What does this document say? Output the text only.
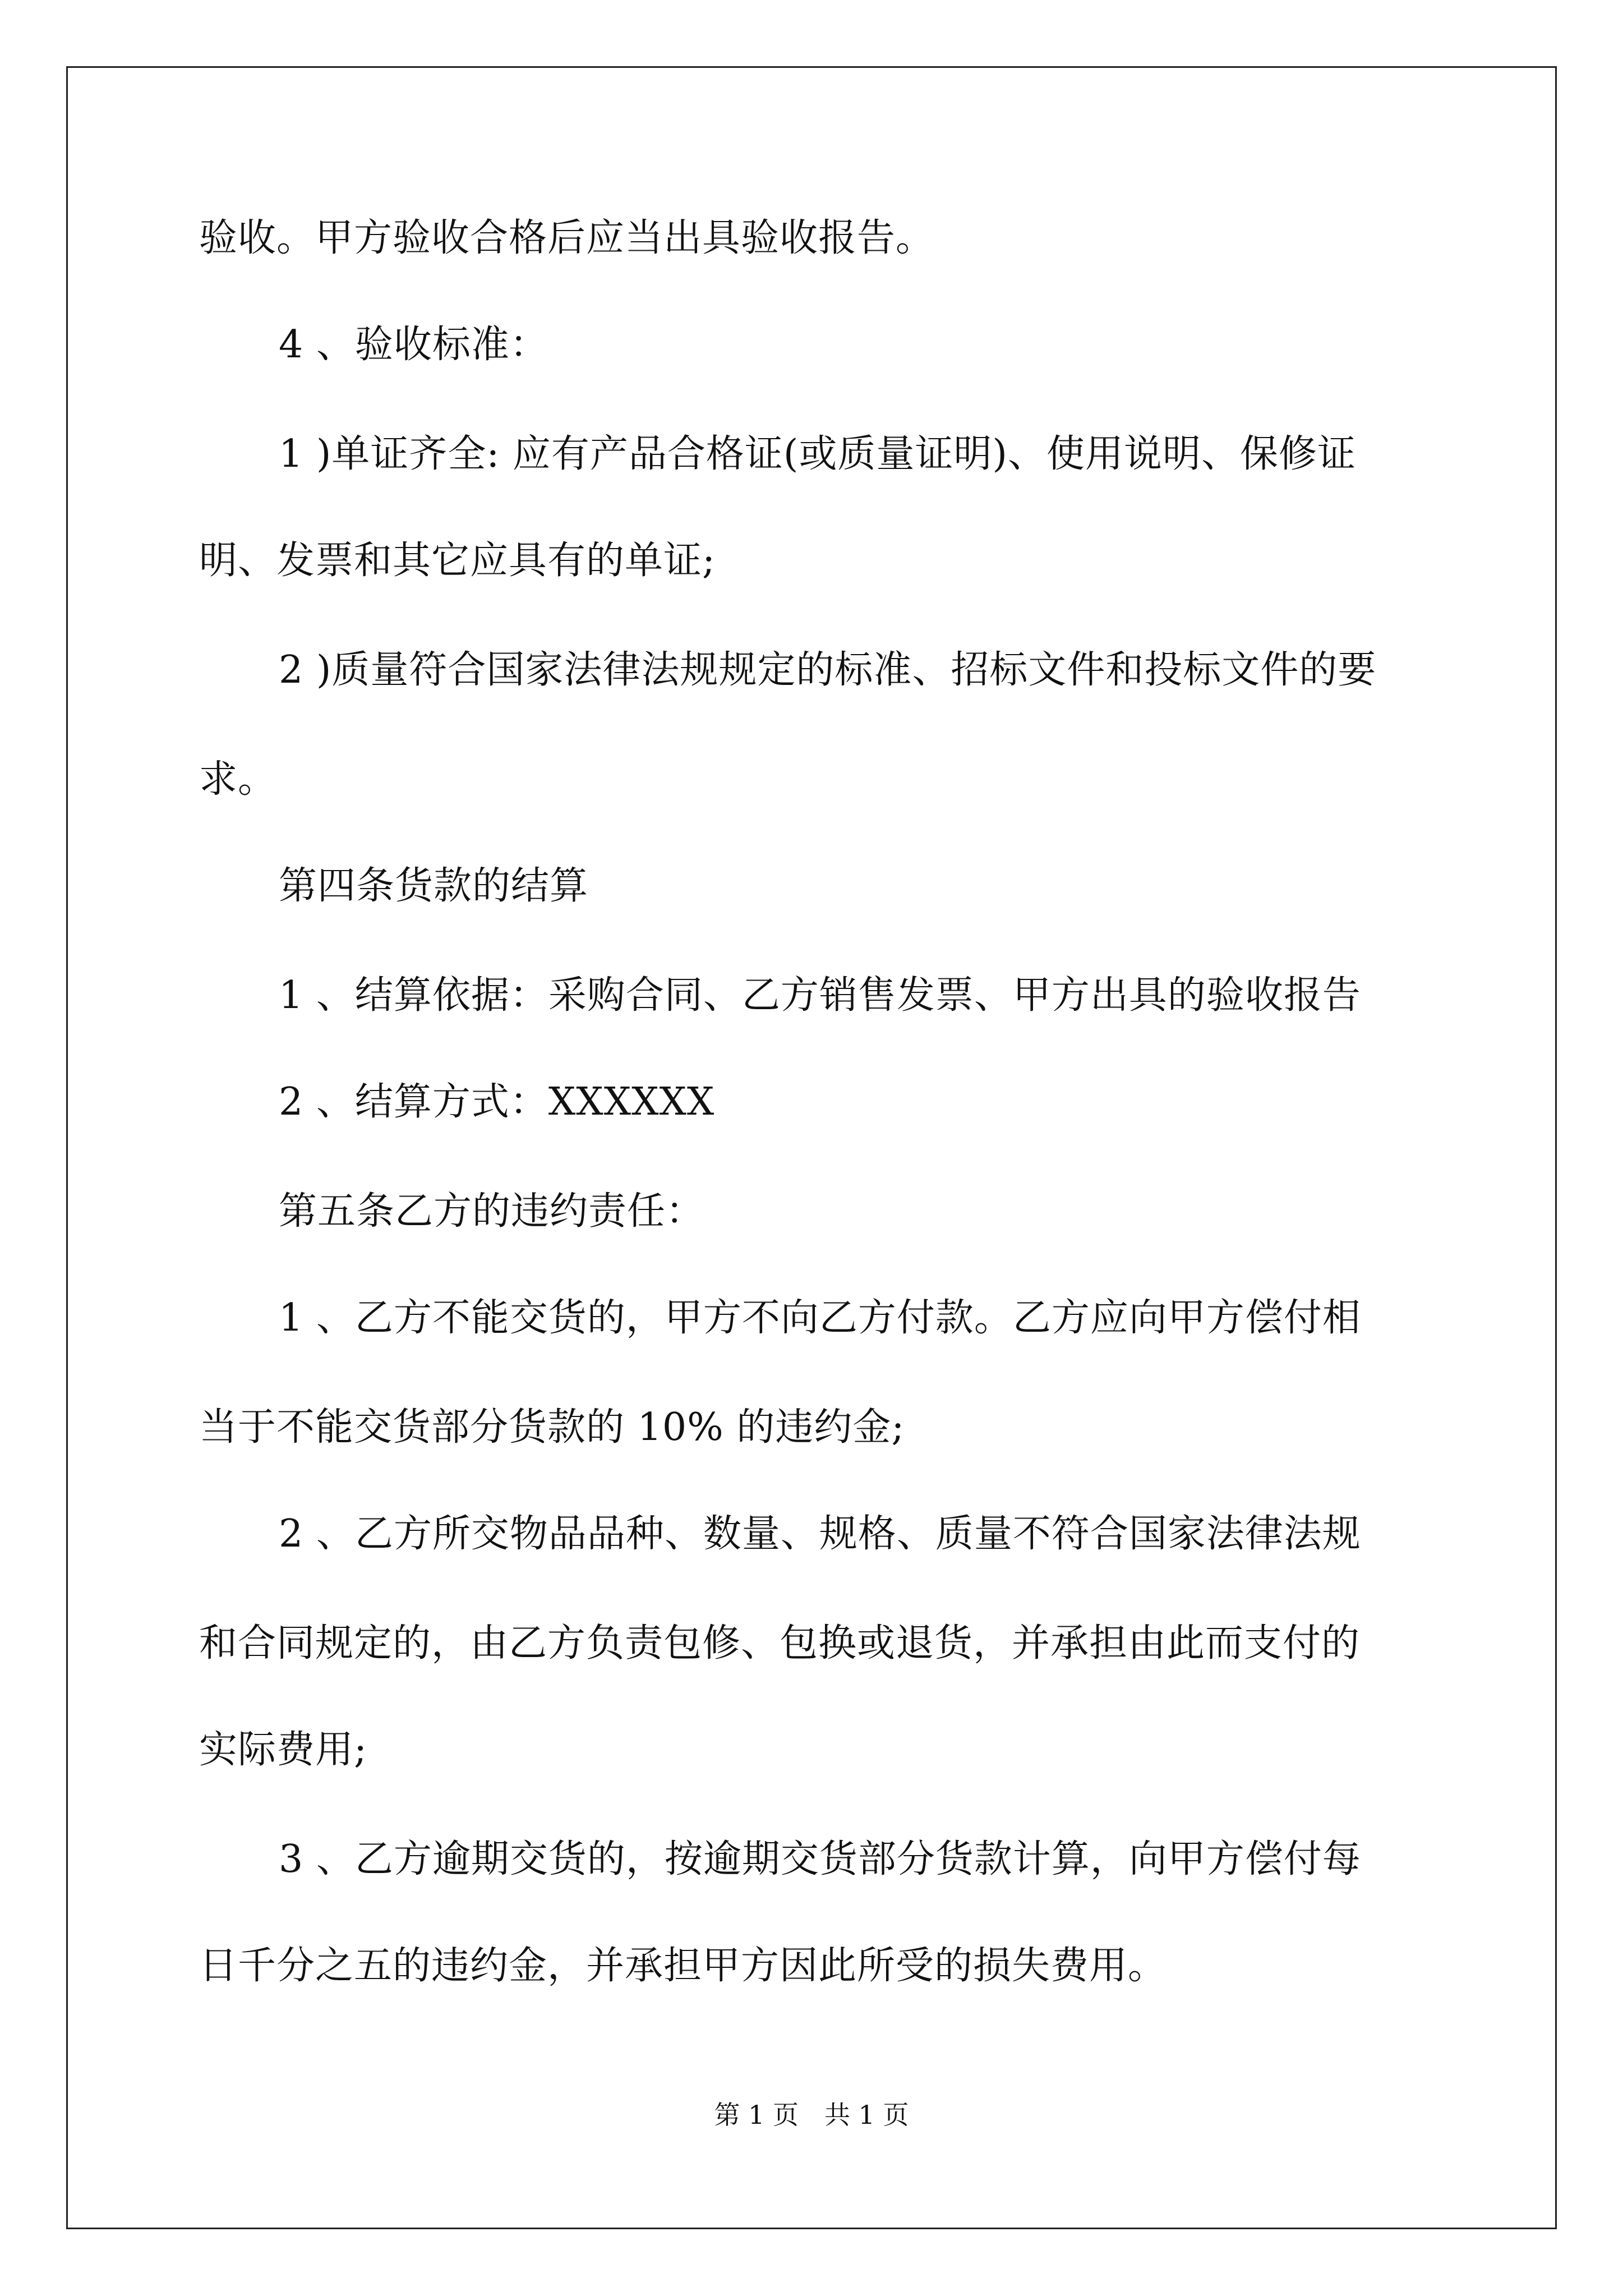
验收。甲方验收合格后应当出具验收报告。
4 、验收标准：
1 )单证齐全: 应有产品合格证(或质量证明)、使用说明、保修证
明、发票和其它应具有的单证;
2 )质量符合国家法律法规规定的标准、招标文件和投标文件的要
求。
第四条货款的结算
1 、结算依据：采购合同、乙方销售发票、甲方出具的验收报告
2 、结算方式：XXXXXX
第五条乙方的违约责任：
1 、乙方不能交货的，甲方不向乙方付款。乙方应向甲方偿付相
当于不能交货部分货款的 10% 的违约金;
2 、乙方所交物品品种、数量、规格、质量不符合国家法律法规
和合同规定的，由乙方负责包修、包换或退货，并承担由此而支付的
实际费用;
3 、乙方逾期交货的，按逾期交货部分货款计算，向甲方偿付每
日千分之五的违约金，并承担甲方因此所受的损失费用。
第 1 页　共 1 页
